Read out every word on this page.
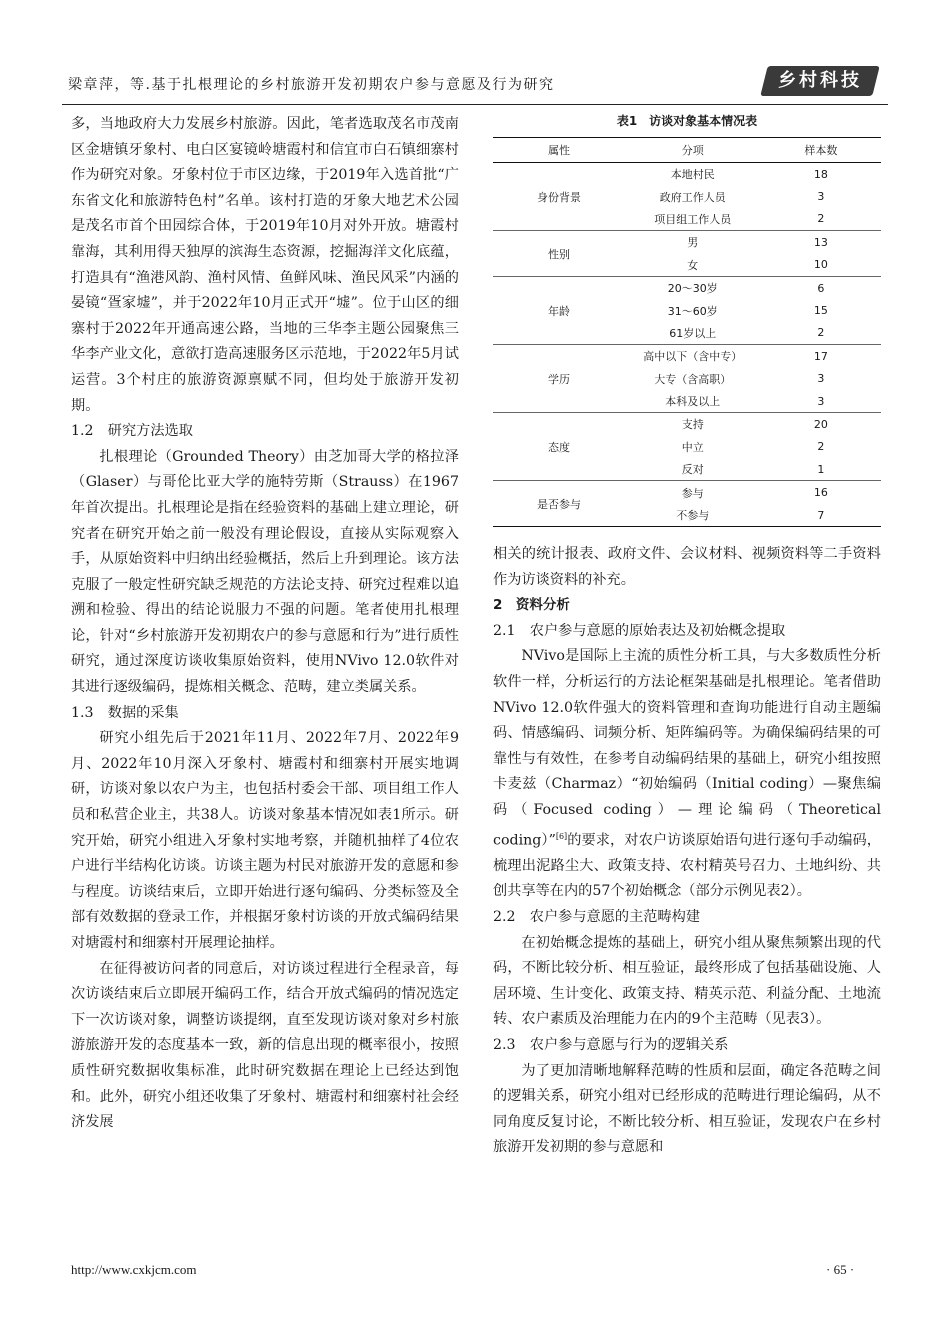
梁章萍，等.基于扎根理论的乡村旅游开发初期农户参与意愿及行为研究	乡村科技

多，当地政府大力发展乡村旅游。因此，笔者选取茂名市茂南区金塘镇牙象村、电白区宴镜岭塘霞村和信宜市白石镇细寨村作为研究对象。牙象村位于市区边缘，于2019年入选首批“广东省文化和旅游特色村”名单。该村打造的牙象大地艺术公园是茂名市首个田园综合体，于2019年10月对外开放。塘霞村靠海，其利用得天独厚的滨海生态资源，挖掘海洋文化底蕴，打造具有“渔港风韵、渔村风情、鱼鲜风味、渔民风采”内涵的晏镜“疍家墟”，并于2022年10月正式开“墟”。位于山区的细寨村于2022年开通高速公路，当地的三华李主题公园聚焦三华李产业文化，意欲打造高速服务区示范地，于2022年5月试运营。3个村庄的旅游资源禀赋不同，但均处于旅游开发初期。

1.2　研究方法选取

扎根理论（Grounded Theory）由芝加哥大学的格拉泽（Glaser）与哥伦比亚大学的施特劳斯（Strauss）在1967年首次提出。扎根理论是指在经验资料的基础上建立理论，研究者在研究开始之前一般没有理论假设，直接从实际观察入手，从原始资料中归纳出经验概括，然后上升到理论。该方法克服了一般定性研究缺乏规范的方法论支持、研究过程难以追溯和检验、得出的结论说服力不强的问题。笔者使用扎根理论，针对“乡村旅游开发初期农户的参与意愿和行为”进行质性研究，通过深度访谈收集原始资料，使用NVivo 12.0软件对其进行逐级编码，提炼相关概念、范畴，建立类属关系。

1.3　数据的采集

研究小组先后于2021年11月、2022年7月、2022年9月、2022年10月深入牙象村、塘霞村和细寨村开展实地调研，访谈对象以农户为主，也包括村委会干部、项目组工作人员和私营企业主，共38人。访谈对象基本情况如表1所示。研究开始，研究小组进入牙象村实地考察，并随机抽样了4位农户进行半结构化访谈。访谈主题为村民对旅游开发的意愿和参与程度。访谈结束后，立即开始进行逐句编码、分类标签及全部有效数据的登录工作，并根据牙象村访谈的开放式编码结果对塘霞村和细寨村开展理论抽样。

在征得被访问者的同意后，对访谈过程进行全程录音，每次访谈结束后立即展开编码工作，结合开放式编码的情况选定下一次访谈对象，调整访谈提纲，直至发现访谈对象对乡村旅游旅游开发的态度基本一致，新的信息出现的概率很小，按照质性研究数据收集标准，此时研究数据在理论上已经达到饱和。此外，研究小组还收集了牙象村、塘霞村和细寨村社会经济发展

表1　访谈对象基本情况表

属性	分项	样本数
身份背景	本地村民	18
	政府工作人员	3
	项目组工作人员	2
性别	男	13
	女	10
年龄	20～30岁	6
	31～60岁	15
	61岁以上	2
学历	高中以下（含中专）	17
	大专（含高职）	3
	本科及以上	3
态度	支持	20
	中立	2
	反对	1
是否参与	参与	16
	不参与	7

相关的统计报表、政府文件、会议材料、视频资料等二手资料作为访谈资料的补充。

2　资料分析

2.1　农户参与意愿的原始表达及初始概念提取

NVivo是国际上主流的质性分析工具，与大多数质性分析软件一样，分析运行的方法论框架基础是扎根理论。笔者借助NVivo 12.0软件强大的资料管理和查询功能进行自动主题编码、情感编码、词频分析、矩阵编码等。为确保编码结果的可靠性与有效性，在参考自动编码结果的基础上，研究小组按照卡麦兹（Charmaz）“初始编码（Initial coding）—聚焦编码（Focused coding）—理论编码（Theoretical coding）”[6]的要求，对农户访谈原始语句进行逐句手动编码，梳理出泥路尘大、政策支持、农村精英号召力、土地纠纷、共创共享等在内的57个初始概念（部分示例见表2）。

2.2　农户参与意愿的主范畴构建

在初始概念提炼的基础上，研究小组从聚焦频繁出现的代码，不断比较分析、相互验证，最终形成了包括基础设施、人居环境、生计变化、政策支持、精英示范、利益分配、土地流转、农户素质及治理能力在内的9个主范畴（见表3）。

2.3　农户参与意愿与行为的逻辑关系

为了更加清晰地解释范畴的性质和层面，确定各范畴之间的逻辑关系，研究小组对已经形成的范畴进行理论编码，从不同角度反复讨论，不断比较分析、相互验证，发现农户在乡村旅游开发初期的参与意愿和

http://www.cxkjcm.com	· 65 ·
